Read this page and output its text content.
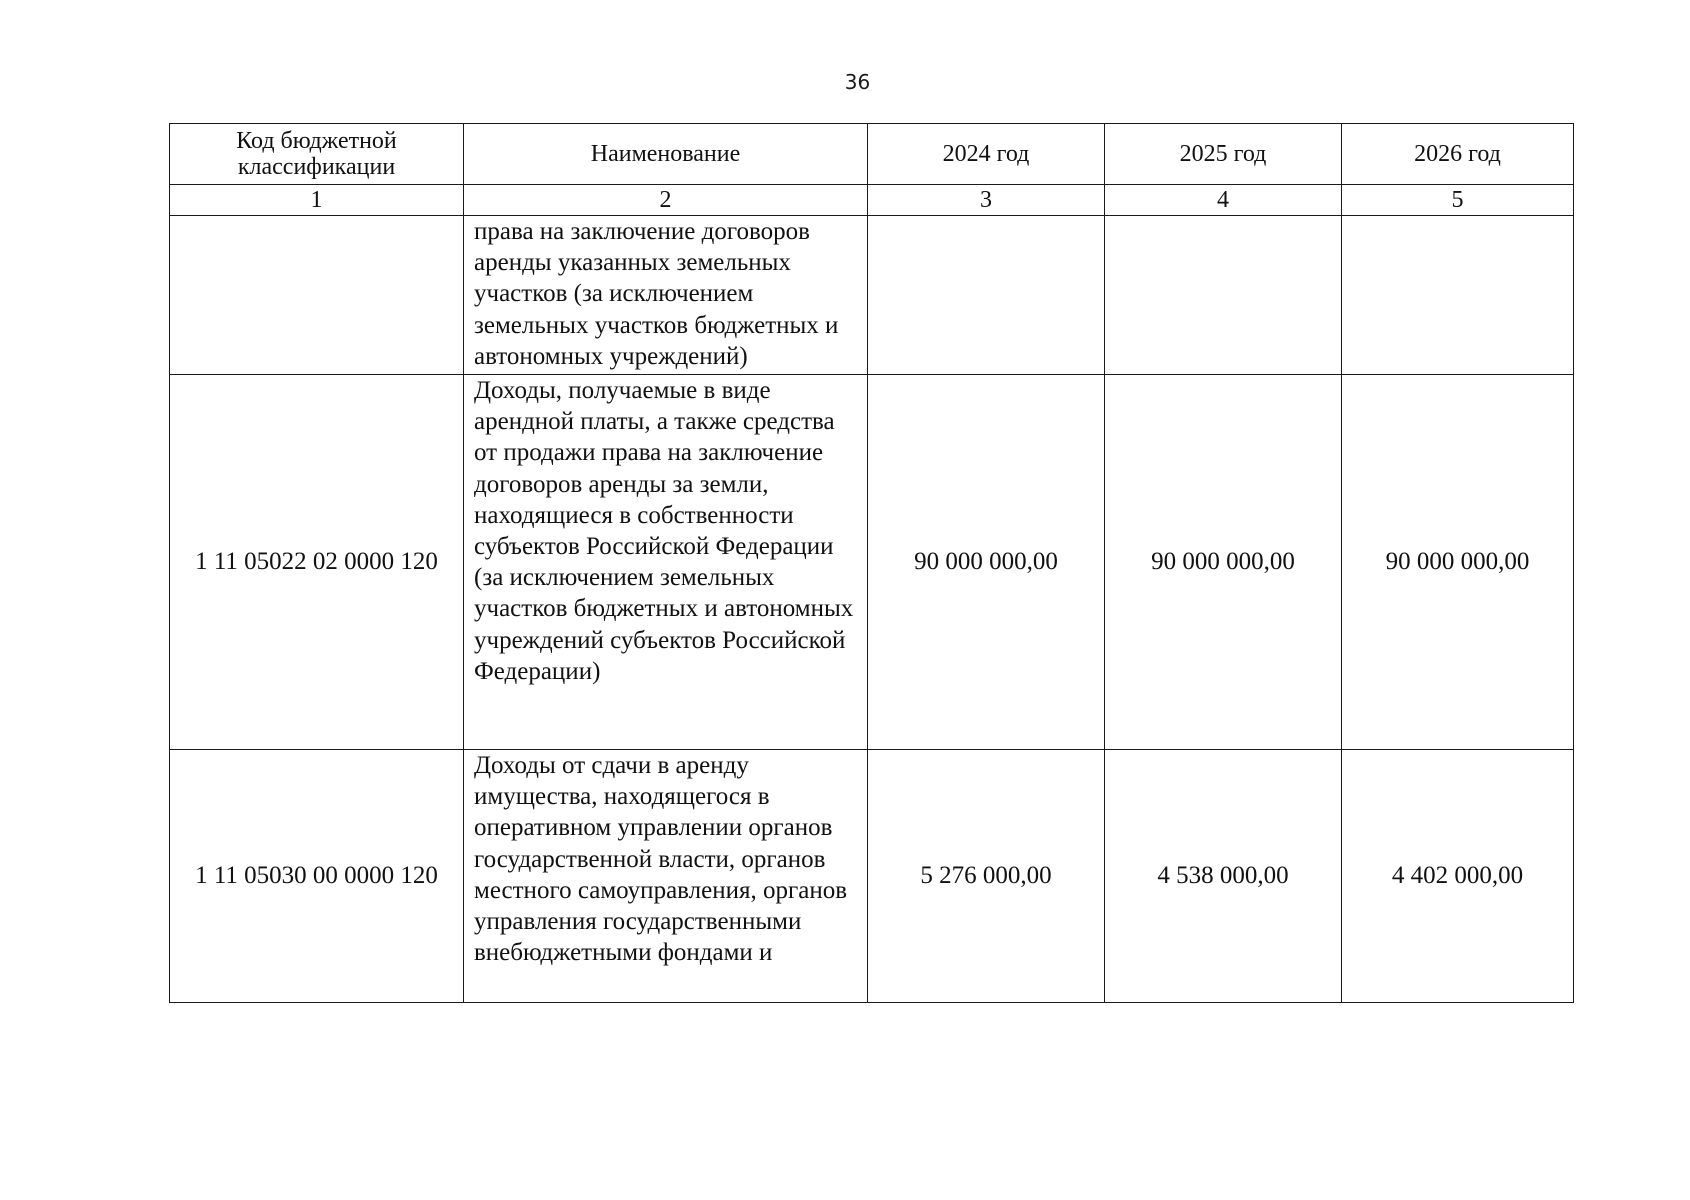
36
Код бюджетной классификации	Наименование	2024 год	2025 год	2026 год
1	2	3	4	5
	права на заключение договоров аренды указанных земельных участков (за исключением земельных участков бюджетных и автономных учреждений)			
1 11 05022 02 0000 120	Доходы, получаемые в виде арендной платы, а также средства от продажи права на заключение договоров аренды за земли, находящиеся в собственности субъектов Российской Федерации (за исключением земельных участков бюджетных и автономных учреждений субъектов Российской Федерации)	90 000 000,00	90 000 000,00	90 000 000,00
1 11 05030 00 0000 120	Доходы от сдачи в аренду имущества, находящегося в оперативном управлении органов государственной власти, органов местного самоуправления, органов управления государственными внебюджетными фондами и	5 276 000,00	4 538 000,00	4 402 000,00
